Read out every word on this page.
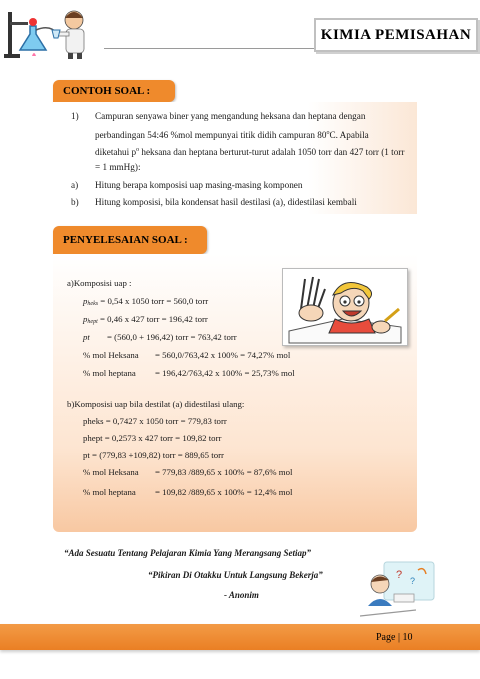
KIMIA PEMISAHAN
CONTOH SOAL :
1) Campuran senyawa biner yang mengandung heksana dan heptana dengan
perbandingan 54:46 %mol mempunyai titik didih campuran 80$^o$C. Apabila
diketahui $p^o$ heksana dan heptana berturut-turut adalah 1050 torr dan 427 torr (1 torr
= 1 mmHg):
a) Hitung berapa komposisi uap masing-masing komponen
b) Hitung komposisi, bila kondensat hasil destilasi (a), didestilasi kembali
PENYELESAIAN SOAL :
a)Komposisi uap :
pheks = 0,54 x 1050 torr = 560,0 torr
phept = 0,46 x 427 torr = 196,42 torr
pt = (560,0 + 196,42) torr = 763,42 torr
% mol Heksana = 560,0/763,42 x 100% = 74,27% mol
% mol heptana = 196,42/763,42 x 100% = 25,73% mol
b)Komposisi uap bila destilat (a) didestilasi ulang:
pheks = 0,7427 x 1050 torr = 779,83 torr
phept = 0,2573 x 427 torr = 109,82 torr
pt = (779,83 +109,82) torr = 889,65 torr
% mol Heksana = 779,83 /889,65 x 100% = 87,6% mol
% mol heptana = 109,82 /889,65 x 100% = 12,4% mol
“Ada Sesuatu Tentang Pelajaran Kimia Yang Merangsang Setiap”
“Pikiran Di Otakku Untuk Langsung Bekerja”
- Anonim
? ?
Page | 10
